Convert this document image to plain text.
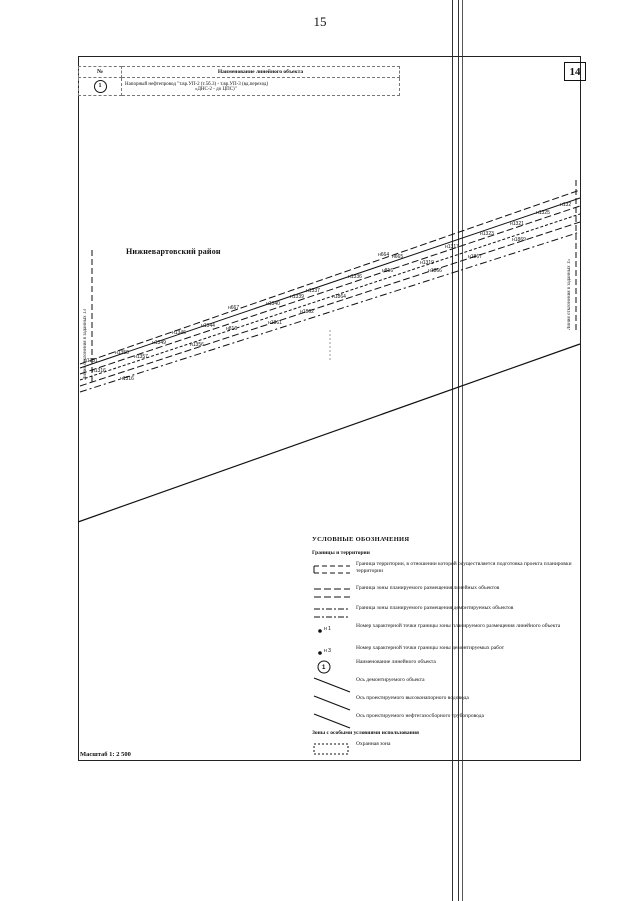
15
14
№	Наименование линейного объекта
1	Напорный нефтепровод "т.вр.УП-2 (т.5б.3) - т.вр.УП-3 (вд.переход)
«ДНС-2 - до ЦПС)"
н1351
н1350
н1349
н1346
н1344
н667
н1340
н1339
н1337
н1336
н664 н665
н1319
н1317
н1323
н1321
н1325
н132
н1316
н1357
н1356
н816
н1861
н1862
н1864
н816	н1866
н1867
н1869
н1316
Нижневартовский район
Линия отклонения в заданных 13
Линия отклонения в заданных 15
УСЛОВНЫЕ ОБОЗНАЧЕНИЯ
Границы и территории
Граница территории, в отношении которой осуществляется подготовка проекта планировки территории
Граница зоны планируемого размещения линейных объектов
Граница зоны планируемого размещения демонтируемых объектов
н 1	Номер характерной точки границы зоны планируемого размещения линейного объекта
н 3	Номер характерной точки границы зоны демонтируемых работ
1
Наименование линейного объекта
Ось демонтируемого объекта
Ось проектируемого высоконапорного водовода
Ось проектируемого нефтегазосборного трубопровода
Зоны с особыми условиями использования
Охранная зона
Масштаб 1: 2 500
